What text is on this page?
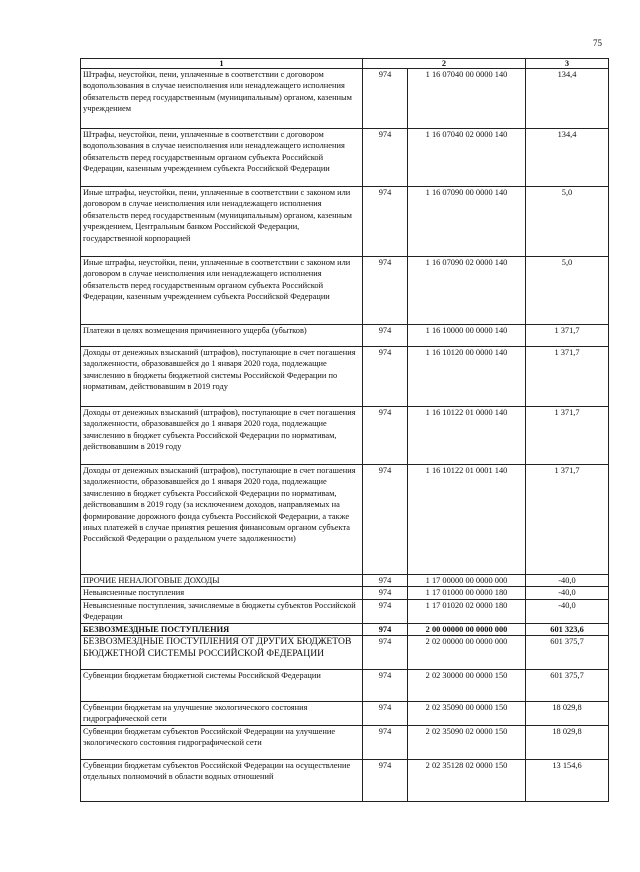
75
1	2		3
Штрафы, неустойки, пени, уплаченные в соответствии с договором водопользования в случае неисполнения или ненадлежащего исполнения обязательств перед государственным (муниципальным) органом, казенным учреждением	974	1 16 07040 00 0000 140	134,4
Штрафы, неустойки, пени, уплаченные в соответствии с договором водопользования в случае неисполнения или ненадлежащего исполнения обязательств перед государственным органом субъекта Российской Федерации, казенным учреждением субъекта Российской Федерации	974	1 16 07040 02 0000 140	134,4
Иные штрафы, неустойки, пени, уплаченные в соответствии с законом или договором в случае неисполнения или ненадлежащего исполнения обязательств перед государственным (муниципальным) органом, казенным учреждением, Центральным банком Российской Федерации, государственной корпорацией	974	1 16 07090 00 0000 140	5,0
Иные штрафы, неустойки, пени, уплаченные в соответствии с законом или договором в случае неисполнения или ненадлежащего исполнения обязательств перед государственным органом субъекта Российской Федерации, казенным учреждением субъекта Российской Федерации	974	1 16 07090 02 0000 140	5,0
Платежи в целях возмещения причиненного ущерба (убытков)	974	1 16 10000 00 0000 140	1 371,7
Доходы от денежных взысканий (штрафов), поступающие в счет погашения задолженности, образовавшейся до 1 января 2020 года, подлежащие зачислению в бюджеты бюджетной системы Российской Федерации по нормативам, действовавшим в 2019 году	974	1 16 10120 00 0000 140	1 371,7
Доходы от денежных взысканий (штрафов), поступающие в счет погашения задолженности, образовавшейся до 1 января 2020 года, подлежащие зачислению в бюджет субъекта Российской Федерации по нормативам, действовавшим в 2019 году	974	1 16 10122 01 0000 140	1 371,7
Доходы от денежных взысканий (штрафов), поступающие в счет погашения задолженности, образовавшейся до 1 января 2020 года, подлежащие зачислению в бюджет субъекта Российской Федерации по нормативам, действовавшим в 2019 году (за исключением доходов, направляемых на формирование дорожного фонда субъекта Российской Федерации, а также иных платежей в случае принятия решения финансовым органом субъекта Российской Федерации о раздельном учете задолженности)	974	1 16 10122 01 0001 140	1 371,7
ПРОЧИЕ НЕНАЛОГОВЫЕ ДОХОДЫ	974	1 17 00000 00 0000 000	-40,0
Невыясненные поступления	974	1 17 01000 00 0000 180	-40,0
Невыясненные поступления, зачисляемые в бюджеты субъектов Российской Федерации	974	1 17 01020 02 0000 180	-40,0
БЕЗВОЗМЕЗДНЫЕ ПОСТУПЛЕНИЯ	974	2 00 00000 00 0000 000	601 323,6
БЕЗВОЗМЕЗДНЫЕ ПОСТУПЛЕНИЯ ОТ ДРУГИХ БЮДЖЕТОВ БЮДЖЕТНОЙ СИСТЕМЫ РОССИЙСКОЙ ФЕДЕРАЦИИ	974	2 02 00000 00 0000 000	601 375,7
Субвенции бюджетам бюджетной системы Российской Федерации	974	2 02 30000 00 0000 150	601 375,7
Субвенции бюджетам на улучшение экологического состояния гидрографической сети	974	2 02 35090 00 0000 150	18 029,8
Субвенции бюджетам субъектов Российской Федерации на улучшение экологического состояния гидрографической сети	974	2 02 35090 02 0000 150	18 029,8
Субвенции бюджетам субъектов Российской Федерации на осуществление отдельных полномочий в области водных отношений	974	2 02 35128 02 0000 150	13 154,6
